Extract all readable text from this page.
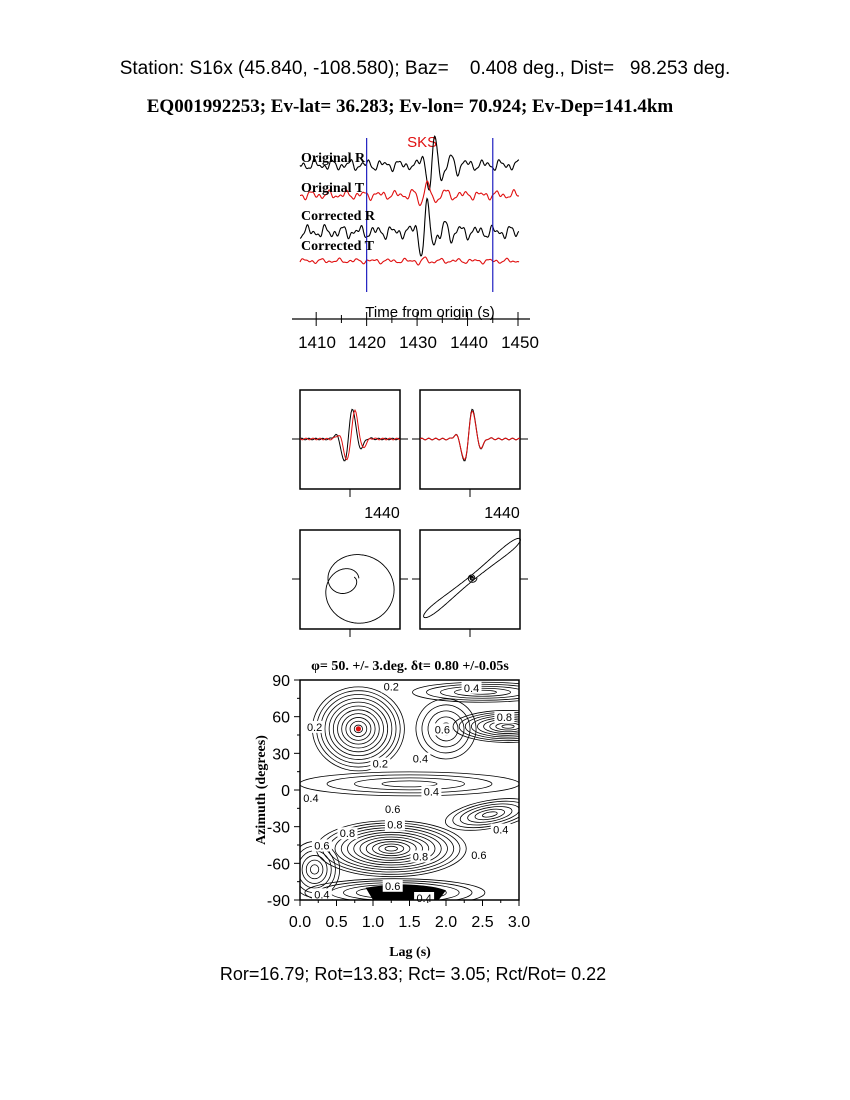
Station: S16x (45.840, -108.580); Baz=    0.408 deg., Dist=   98.253 deg.
EQ001992253; Ev-lat= 36.283; Ev-lon= 70.924; Ev-Dep=141.4km
SKS
Original R
Original T
Corrected R
Corrected T
Time from origin (s)
1410 1420 1430 1440 1450
1440	1440
φ= 50. +/- 3.deg. δt= 0.80 +/-0.05s
0.2	0.4
0.2	0.6
0.8
0.2 0.4
0.4
0.4
0.6
0.8
0.8
0.6
0.8
0.4
0.6
0.6
0.4	0.4
0.0 0.5 1.0 1.5 2.0 2.5 3.0
90
60
30
0
-30
-60
-90
Lag (s)
Azimuth (degrees)
Ror=16.79; Rot=13.83; Rct= 3.05; Rct/Rot= 0.22
